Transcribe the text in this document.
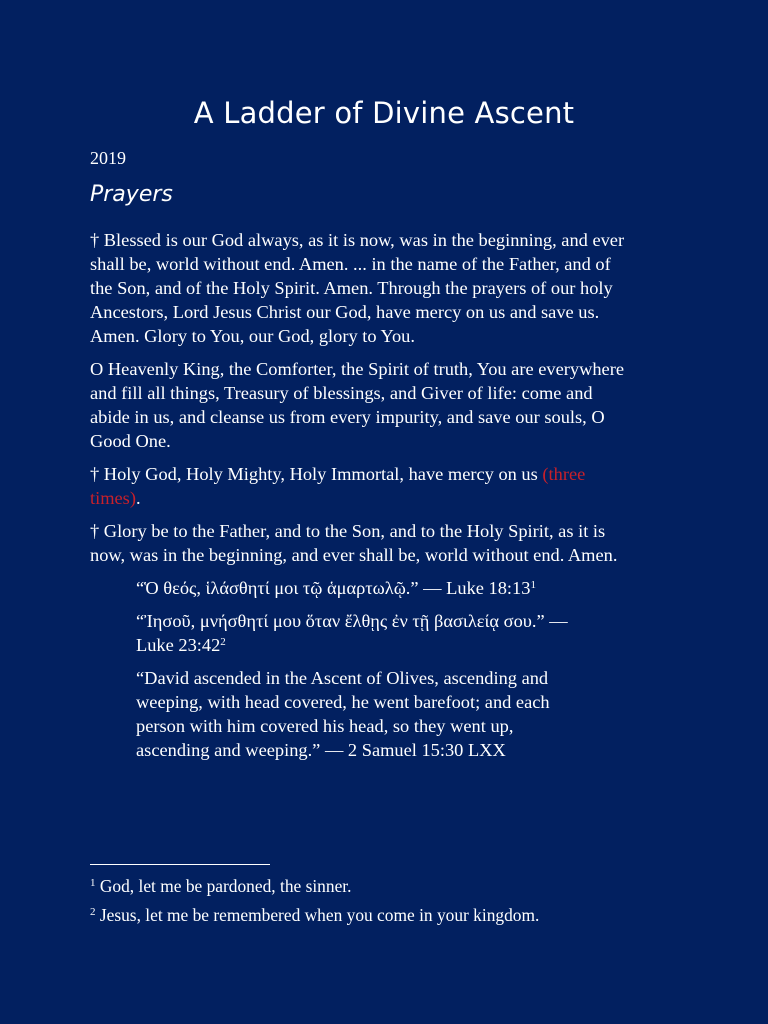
A Ladder of Divine Ascent
2019
Prayers
† Blessed is our God always, as it is now, was in the beginning, and ever
shall be, world without end. Amen. ... in the name of the Father, and of
the Son, and of the Holy Spirit. Amen. Through the prayers of our holy
Ancestors, Lord Jesus Christ our God, have mercy on us and save us.
Amen. Glory to You, our God, glory to You.
O Heavenly King, the Comforter, the Spirit of truth, You are everywhere
and fill all things, Treasury of blessings, and Giver of life: come and
abide in us, and cleanse us from every impurity, and save our souls, O
Good One.
† Holy God, Holy Mighty, Holy Immortal, have mercy on us (three
times).
† Glory be to the Father, and to the Son, and to the Holy Spirit, as it is
now, was in the beginning, and ever shall be, world without end. Amen.
“Ὁ θεός, ἱλάσθητί μοι τῷ ἁμαρτωλῷ.” — Luke $18:13^1$
“Ἰησοῦ, μνήσθητί μου ὅταν ἔλθῃς ἐν τῇ βασιλείᾳ σου.” —
Luke $23:42^2$
“David ascended in the Ascent of Olives, ascending and
weeping, with head covered, he went barefoot; and each
person with him covered his head, so they went up,
ascending and weeping.” — 2 Samuel 15:30 LXX
$^1$ God, let me be pardoned, the sinner.
$^2$ Jesus, let me be remembered when you come in your kingdom.
